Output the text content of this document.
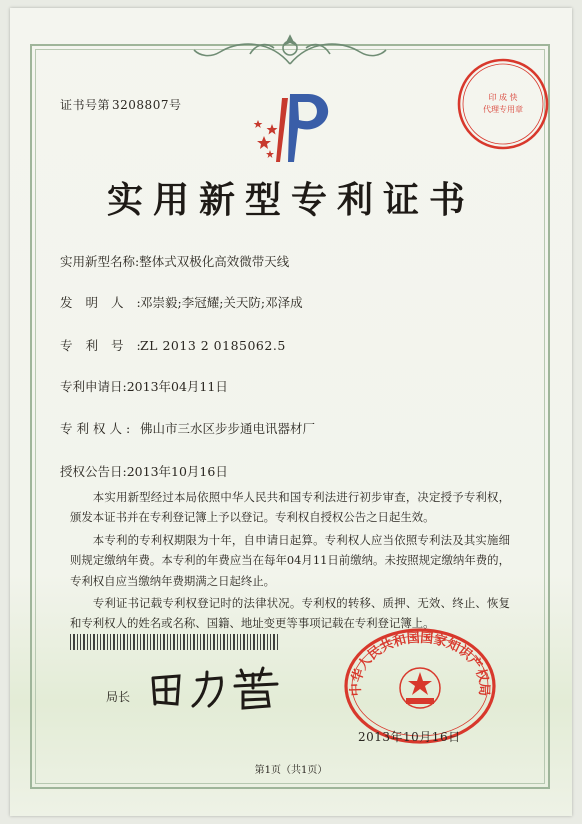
证书号第 3208807号
印 成 快
代理专用章
实用新型专利证书
实用新型名称:整体式双极化高效微带天线
发明人:邓崇毅;李冠耀;关天防;邓泽成
专利号:ZL 2013 2 0185062.5
专利申请日:2013年04月11日
专利权人: 佛山市三水区步步通电讯器材厂
授权公告日:2013年10月16日

本实用新型经过本局依照中华人民共和国专利法进行初步审查，决定授予专利权，颁发本证书并在专利登记簿上予以登记。专利权自授权公告之日起生效。

本专利的专利权期限为十年，自申请日起算。专利权人应当依照专利法及其实施细则规定缴纳年费。本专利的年费应当在每年04月11日前缴纳。未按照规定缴纳年费的，专利权自应当缴纳年费期满之日起终止。

专利证书记载专利权登记时的法律状况。专利权的转移、质押、无效、终止、恢复和专利权人的姓名或名称、国籍、地址变更等事项记载在专利登记簿上。

局长
中华人民共和国国家知识产权局
2013年10月16日
第1页（共1页）
